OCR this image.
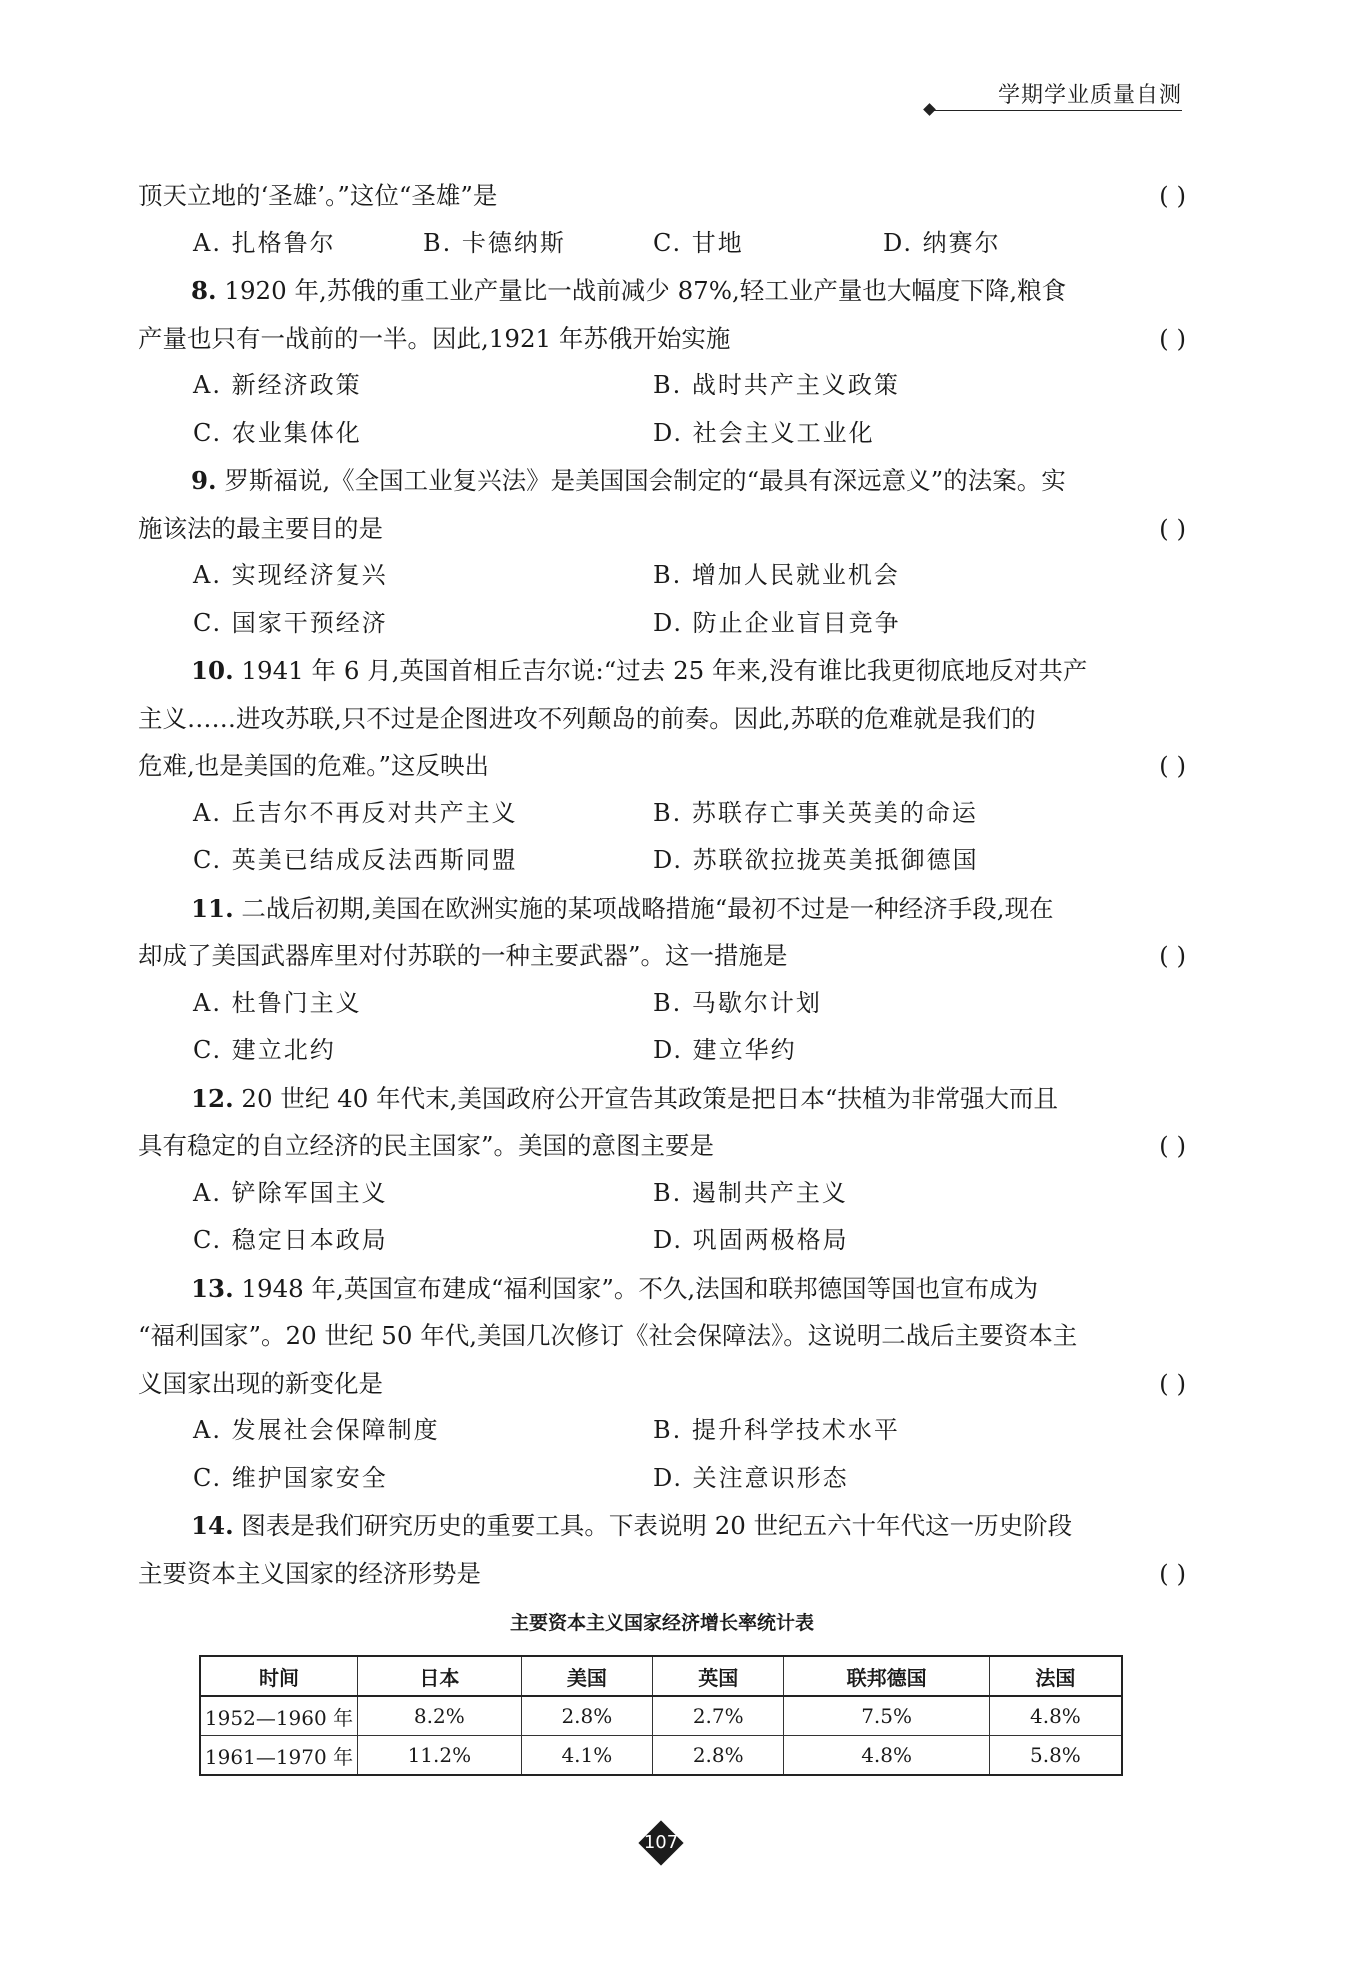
学期学业质量自测
顶天立地的‘圣雄’。”这位“圣雄”是	( )
A. 扎格鲁尔	B. 卡德纳斯	C. 甘地	D. 纳赛尔
8. 1920 年,苏俄的重工业产量比一战前减少 87%,轻工业产量也大幅度下降,粮食
产量也只有一战前的一半。因此,1921 年苏俄开始实施	( )
A. 新经济政策	B. 战时共产主义政策
C. 农业集体化	D. 社会主义工业化
9. 罗斯福说,《全国工业复兴法》是美国国会制定的“最具有深远意义”的法案。实
施该法的最主要目的是	( )
A. 实现经济复兴	B. 增加人民就业机会
C. 国家干预经济	D. 防止企业盲目竞争
10. 1941 年 6 月,英国首相丘吉尔说:“过去 25 年来,没有谁比我更彻底地反对共产
主义……进攻苏联,只不过是企图进攻不列颠岛的前奏。因此,苏联的危难就是我们的
危难,也是美国的危难。”这反映出	( )
A. 丘吉尔不再反对共产主义	B. 苏联存亡事关英美的命运
C. 英美已结成反法西斯同盟	D. 苏联欲拉拢英美抵御德国
11. 二战后初期,美国在欧洲实施的某项战略措施“最初不过是一种经济手段,现在
却成了美国武器库里对付苏联的一种主要武器”。这一措施是	( )
A. 杜鲁门主义	B. 马歇尔计划
C. 建立北约	D. 建立华约
12. 20 世纪 40 年代末,美国政府公开宣告其政策是把日本“扶植为非常强大而且
具有稳定的自立经济的民主国家”。美国的意图主要是	( )
A. 铲除军国主义	B. 遏制共产主义
C. 稳定日本政局	D. 巩固两极格局
13. 1948 年,英国宣布建成“福利国家”。不久,法国和联邦德国等国也宣布成为
“福利国家”。20 世纪 50 年代,美国几次修订《社会保障法》。这说明二战后主要资本主
义国家出现的新变化是	( )
A. 发展社会保障制度	B. 提升科学技术水平
C. 维护国家安全	D. 关注意识形态
14. 图表是我们研究历史的重要工具。下表说明 20 世纪五六十年代这一历史阶段
主要资本主义国家的经济形势是	( )
主要资本主义国家经济增长率统计表
时间	日本	美国	英国	联邦德国	法国
1952—1960 年	8.2%	2.8%	2.7%	7.5%	4.8%
1961—1970 年	11.2%	4.1%	2.8%	4.8%	5.8%
107
